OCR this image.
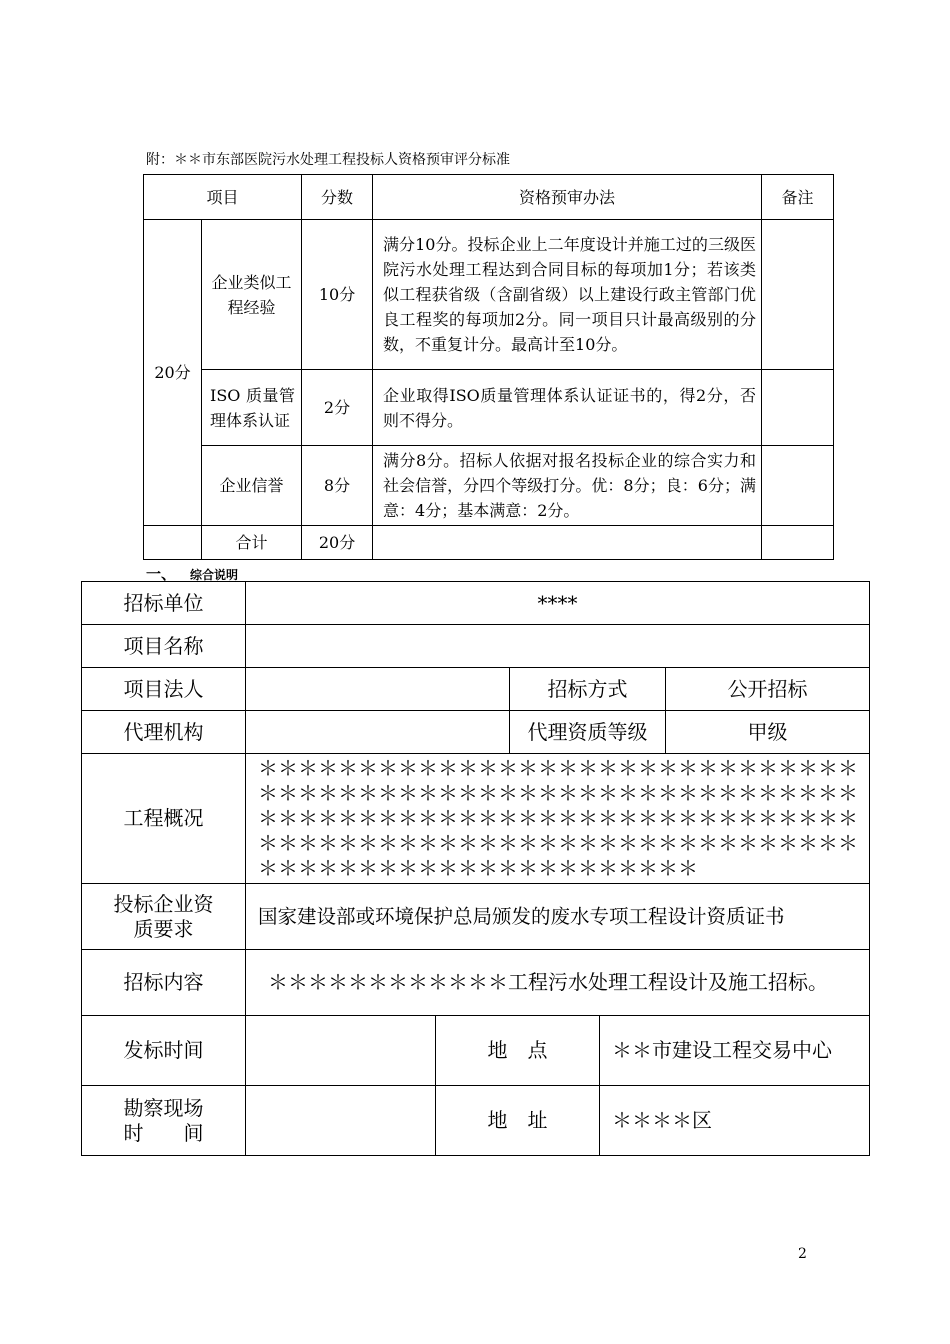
附：＊＊市东部医院污水处理工程投标人资格预审评分标准
项目		分数	资格预审办法	备注
20分	企业类似工程经验	10分	满分10分。投标企业上二年度设计并施工过的三级医院污水处理工程达到合同目标的每项加1分；若该类似工程获省级（含副省级）以上建设行政主管部门优良工程奖的每项加2分。同一项目只计最高级别的分数，不重复计分。最高计至10分。	
	ISO 质量管理体系认证	2分	企业取得ISO质量管理体系认证证书的，得2分，否则不得分。	
	企业信誉	8分	满分8分。招标人依据对报名投标企业的综合实力和社会信誉，分四个等级打分。优：8分；良：6分；满意：4分；基本满意：2分。	
	合计	20分		
一、 综合说明
招标单位	****				
项目名称					
项目法人			招标方式		公开招标
代理机构			代理资质等级		甲级
工程概况	＊＊＊＊＊＊＊＊＊＊＊＊＊＊＊＊＊＊＊＊＊＊＊＊＊＊＊＊＊＊＊＊＊＊＊＊＊＊＊＊＊＊＊＊＊＊＊＊＊＊＊＊＊＊＊＊＊＊＊＊＊＊＊＊＊＊＊＊＊＊＊＊＊＊＊＊＊＊＊＊＊＊＊＊＊＊＊＊＊＊＊＊＊＊＊＊＊＊＊＊＊＊＊＊＊＊＊＊＊＊＊＊＊＊＊＊＊＊＊＊＊＊＊＊＊＊＊＊＊＊＊＊＊＊＊＊＊＊＊＊＊＊				
投标企业资质要求	国家建设部或环境保护总局颁发的废水专项工程设计资质证书				
招标内容	＊＊＊＊＊＊＊＊＊＊＊＊工程污水处理工程设计及施工招标。				
发标时间		地　点		＊＊市建设工程交易中心	

勘察现场
时　　间		地　址		＊＊＊＊区	
2
